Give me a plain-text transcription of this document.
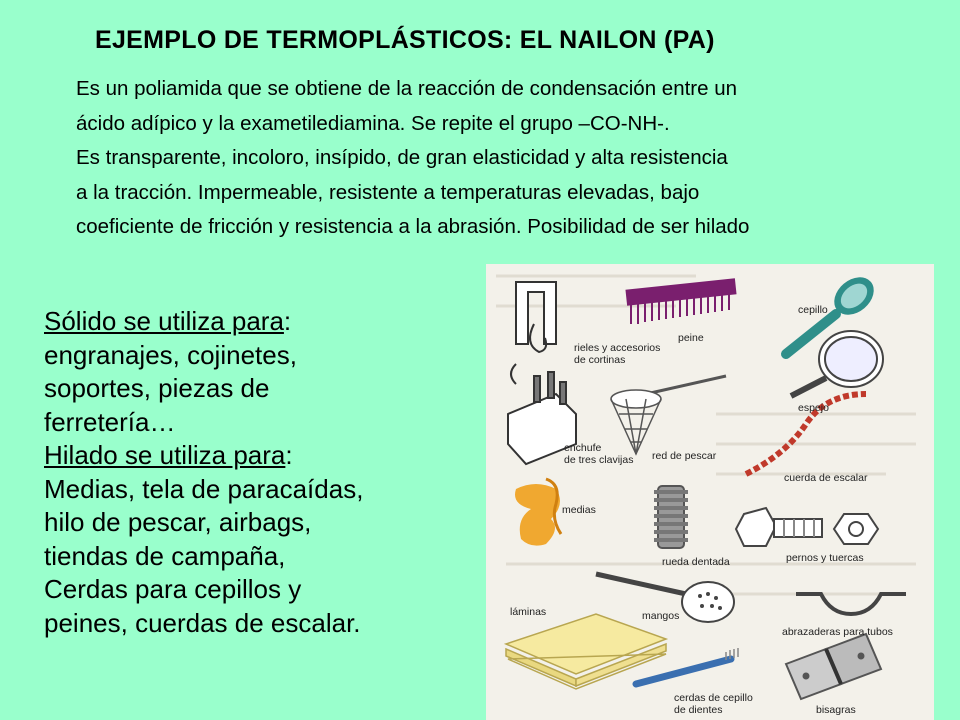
EJEMPLO DE TERMOPLÁSTICOS: EL NAILON (PA)
Es un poliamida que se obtiene de la reacción de condensación entre un
ácido adípico y la exametilediamina. Se repite el grupo –CO-NH-.
Es transparente, incoloro, insípido, de gran elasticidad y alta resistencia
a la tracción. Impermeable, resistente a temperaturas elevadas, bajo
coeficiente de fricción y resistencia a la abrasión. Posibilidad de ser hilado
Sólido se utiliza para:
engranajes, cojinetes,
soportes, piezas de
ferretería…
Hilado se utiliza para:
Medias, tela de paracaídas,
hilo de pescar, airbags,
tiendas de campaña,
Cerdas para cepillos y
peines, cuerdas de escalar.
rieles y accesorios
de cortinas
peine
cepillo
espejo
enchufe
de tres clavijas red de pescar
cuerda de escalar
medias
rueda dentada	pernos y tuercas
mangos
láminas
abrazaderas para tubos
cerdas de cepillo
de dientes	bisagras
